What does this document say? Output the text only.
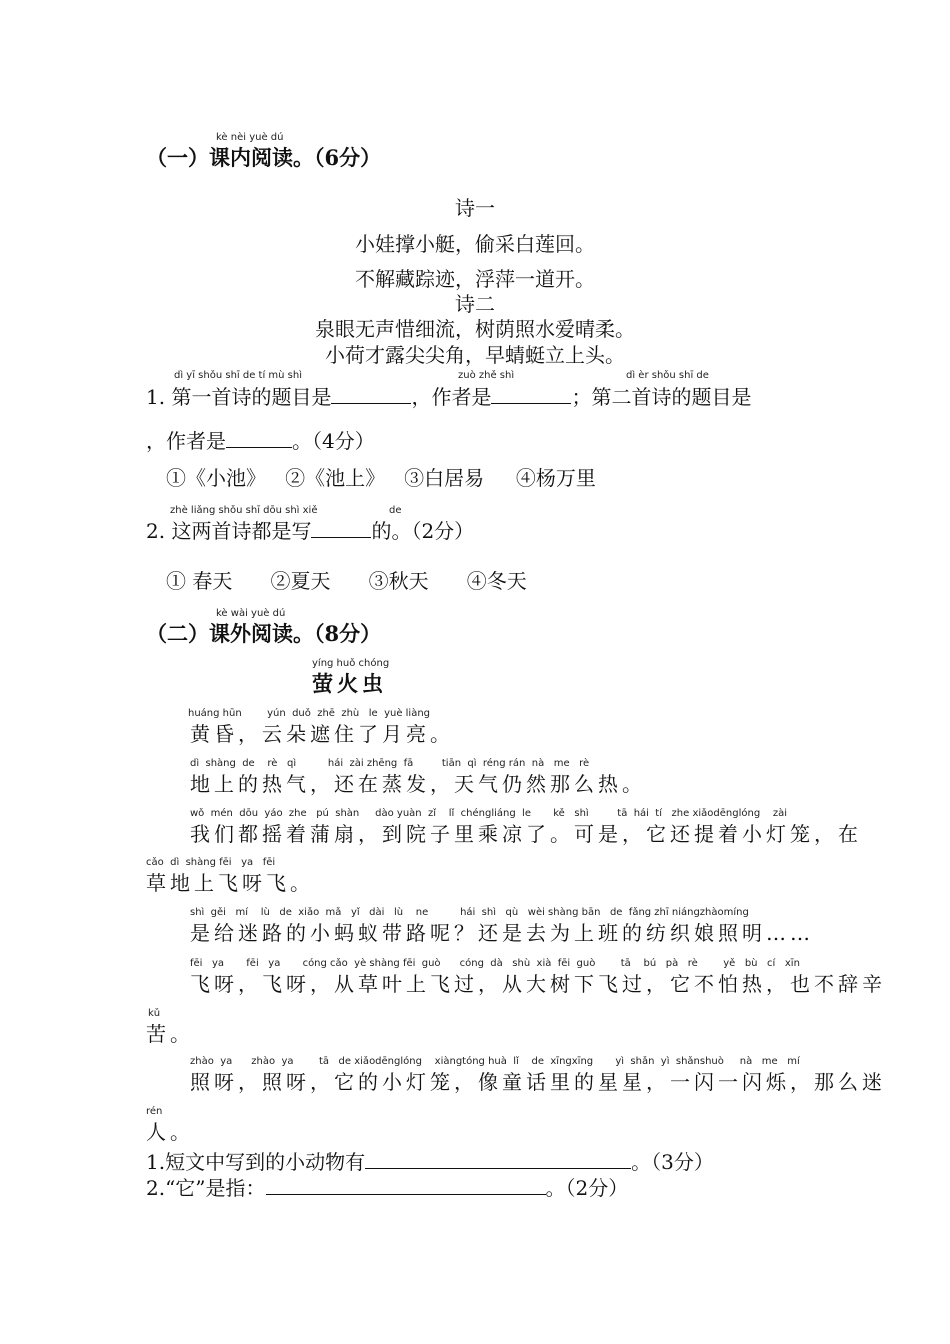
kè nèi yuè dú
（一）课内阅读。（6分）
诗一
小娃撑小艇，偷采白莲回。
不解藏踪迹，浮萍一道开。
诗二
泉眼无声惜细流，树荫照水爱晴柔。
小荷才露尖尖角，早蜻蜓立上头。
dì yī shǒu shī de tí mù shì	zuò zhě shì	dì èr shǒu shī de
1. 第一首诗的题目是	，作者是	；第二首诗的题目是
，作者是	。（4分）
①《小池》   ②《池上》   ③白居易     ④杨万里
zhè liǎng shǒu shī dōu shì xiě	de
2. 这两首诗都是写	的。（2分）
① 春天      ②夏天      ③秋天      ④冬天
kè wài yuè dú
（二）课外阅读。（8分）
yíng huǒ chóng
萤火虫
huáng hūn        yún  duǒ  zhē  zhù   le  yuè liàng
黄昏，云朵遮住了月亮。
dì  shàng  de    rè   qì          hái  zài zhēng  fā         tiān  qì  réng rán  nà   me   rè
地上的热气，还在蒸发，天气仍然那么热。
wǒ  mén  dōu  yáo  zhe   pú  shàn     dào yuàn  zǐ    lǐ  chéngliáng  le       kě   shì         tā  hái  tí   zhe xiǎodēnglóng    zài
我们都摇着蒲扇，到院子里乘凉了。可是，它还提着小灯笼，在
cǎo  dì  shàng fēi   ya   fēi
草地上飞呀飞。
shì  gěi   mí    lù   de  xiǎo  mǎ   yǐ   dài   lù    ne          hái  shì   qù   wèi shàng bān   de  fǎng zhī niángzhàomíng
是给迷路的小蚂蚁带路呢？还是去为上班的纺织娘照明……
fēi   ya       fēi   ya       cóng cǎo  yè shàng fēi  guò      cóng  dà   shù  xià  fēi  guò        tā    bú   pà   rè        yě   bù   cí   xīn
飞呀，飞呀，从草叶上飞过，从大树下飞过，它不怕热，也不辞辛
kǔ
苦。
zhào  ya      zhào  ya        tā   de xiǎodēnglóng    xiàngtóng huà  lǐ    de  xīngxīng       yì  shǎn  yì  shǎnshuò     nà   me   mí
照呀，照呀，它的小灯笼，像童话里的星星，一闪一闪烁，那么迷
rén
人。
1.短文中写到的小动物有	。（3分）
2.“它”是指：	。（2分）
